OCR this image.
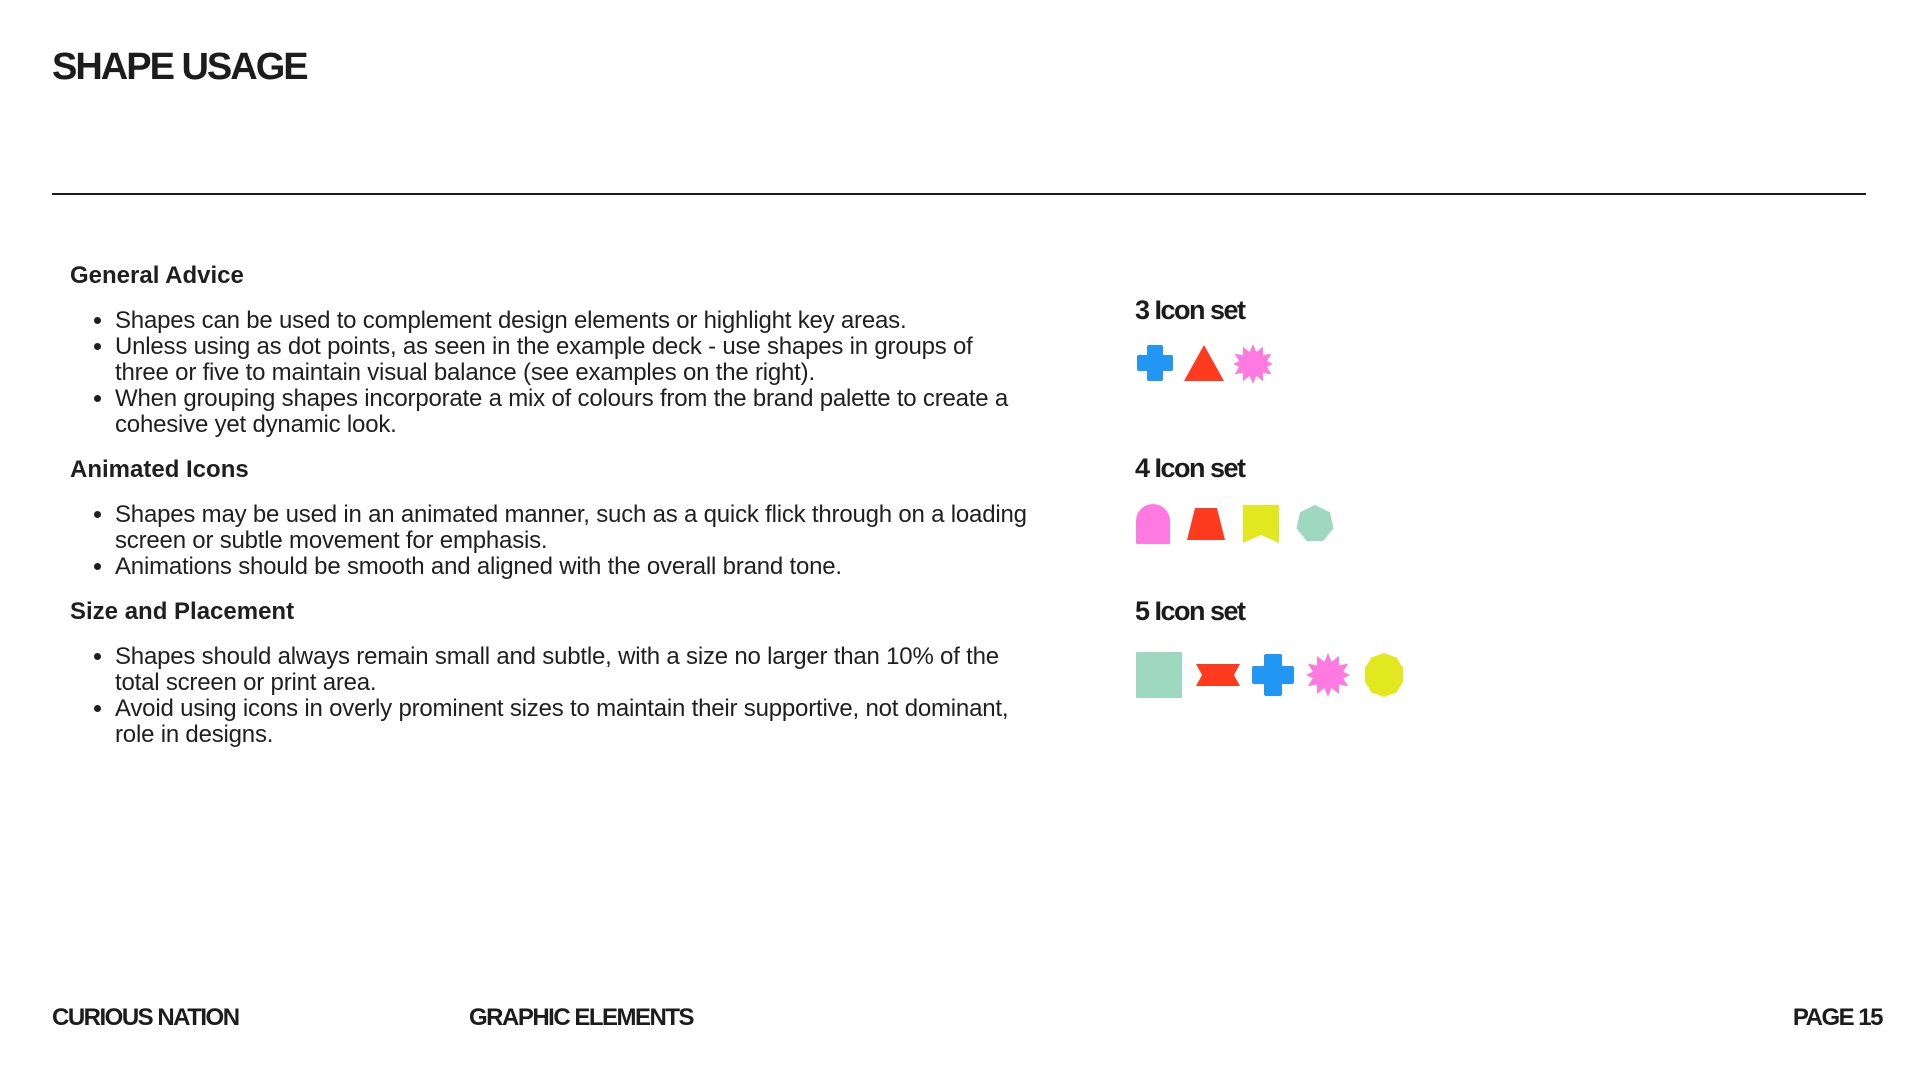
SHAPE USAGE
General Advice
• Shapes can be used to complement design elements or highlight key areas.
• Unless using as dot points, as seen in the example deck - use shapes in groups of three or five to maintain visual balance (see examples on the right).
• When grouping shapes incorporate a mix of colours from the brand palette to create a cohesive yet dynamic look.
Animated Icons
• Shapes may be used in an animated manner, such as a quick flick through on a loading screen or subtle movement for emphasis.
• Animations should be smooth and aligned with the overall brand tone.
Size and Placement
• Shapes should always remain small and subtle, with a size no larger than 10% of the total screen or print area.
• Avoid using icons in overly prominent sizes to maintain their supportive, not dominant, role in designs.
3 Icon set
4 Icon set
5 Icon set
CURIOUS NATION	GRAPHIC ELEMENTS	PAGE 15
